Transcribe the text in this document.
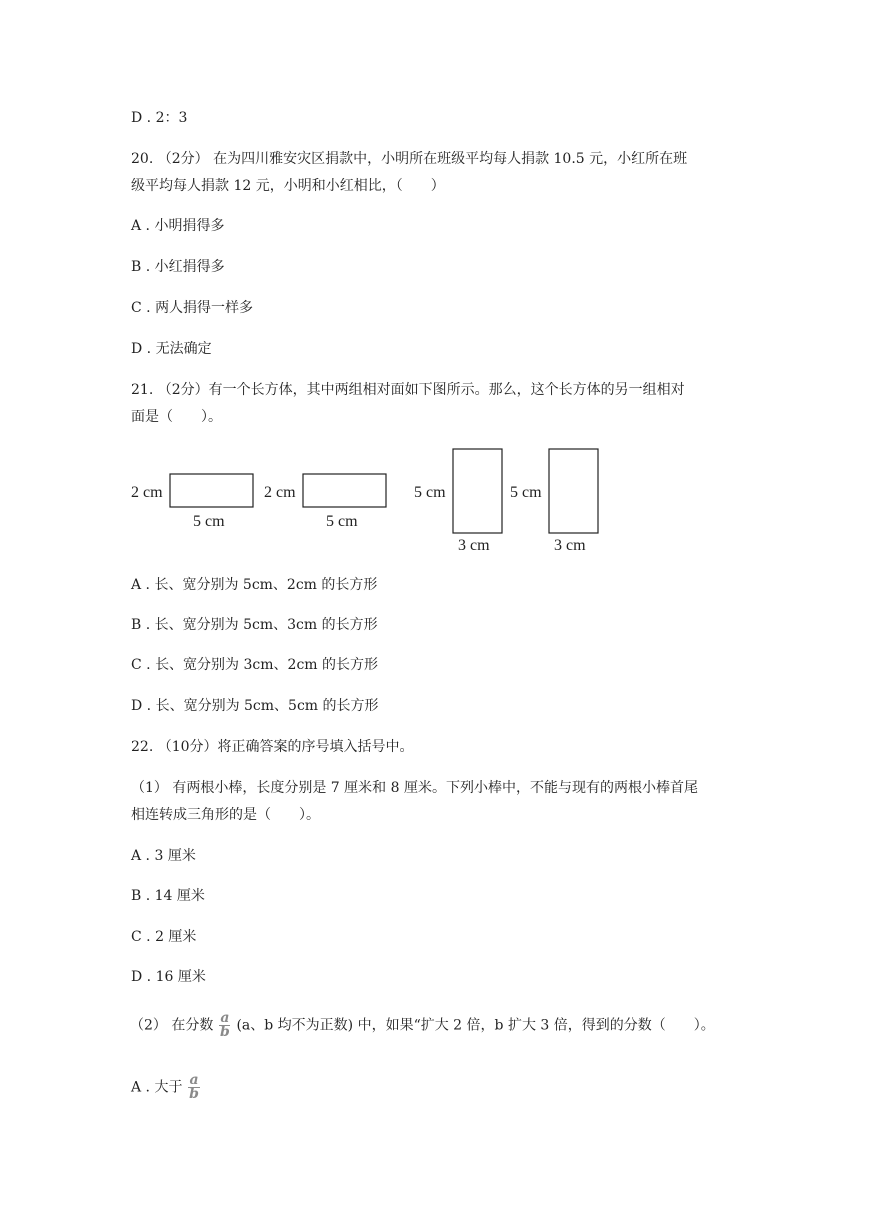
D . 2：3
20. （2分） 在为四川雅安灾区捐款中，小明所在班级平均每人捐款 10.5 元，小红所在班
级平均每人捐款 12 元，小明和小红相比，（　　）
A . 小明捐得多
B . 小红捐得多
C . 两人捐得一样多
D . 无法确定
21. （2分）有一个长方体，其中两组相对面如下图所示。那么，这个长方体的另一组相对
面是（　　）。
2 cm
5 cm
2 cm
5 cm
5 cm
3 cm
5 cm
3 cm
A . 长、宽分别为 5cm、2cm 的长方形
B . 长、宽分别为 5cm、3cm 的长方形
C . 长、宽分别为 3cm、2cm 的长方形
D . 长、宽分别为 5cm、5cm 的长方形
22. （10分）将正确答案的序号填入括号中。
（1） 有两根小棒，长度分别是 7 厘米和 8 厘米。下列小棒中，不能与现有的两根小棒首尾
相连转成三角形的是（　　）。
A . 3 厘米
B . 14 厘米
C . 2 厘米
D . 16 厘米
（2） 在分数 $\frac{a}{b} (a$、b 均不为正数) 中，如果“扩大 2 倍，b 扩大 3 倍，得到的分数（　　）。
A . 大于 $\frac{a}{b}$
